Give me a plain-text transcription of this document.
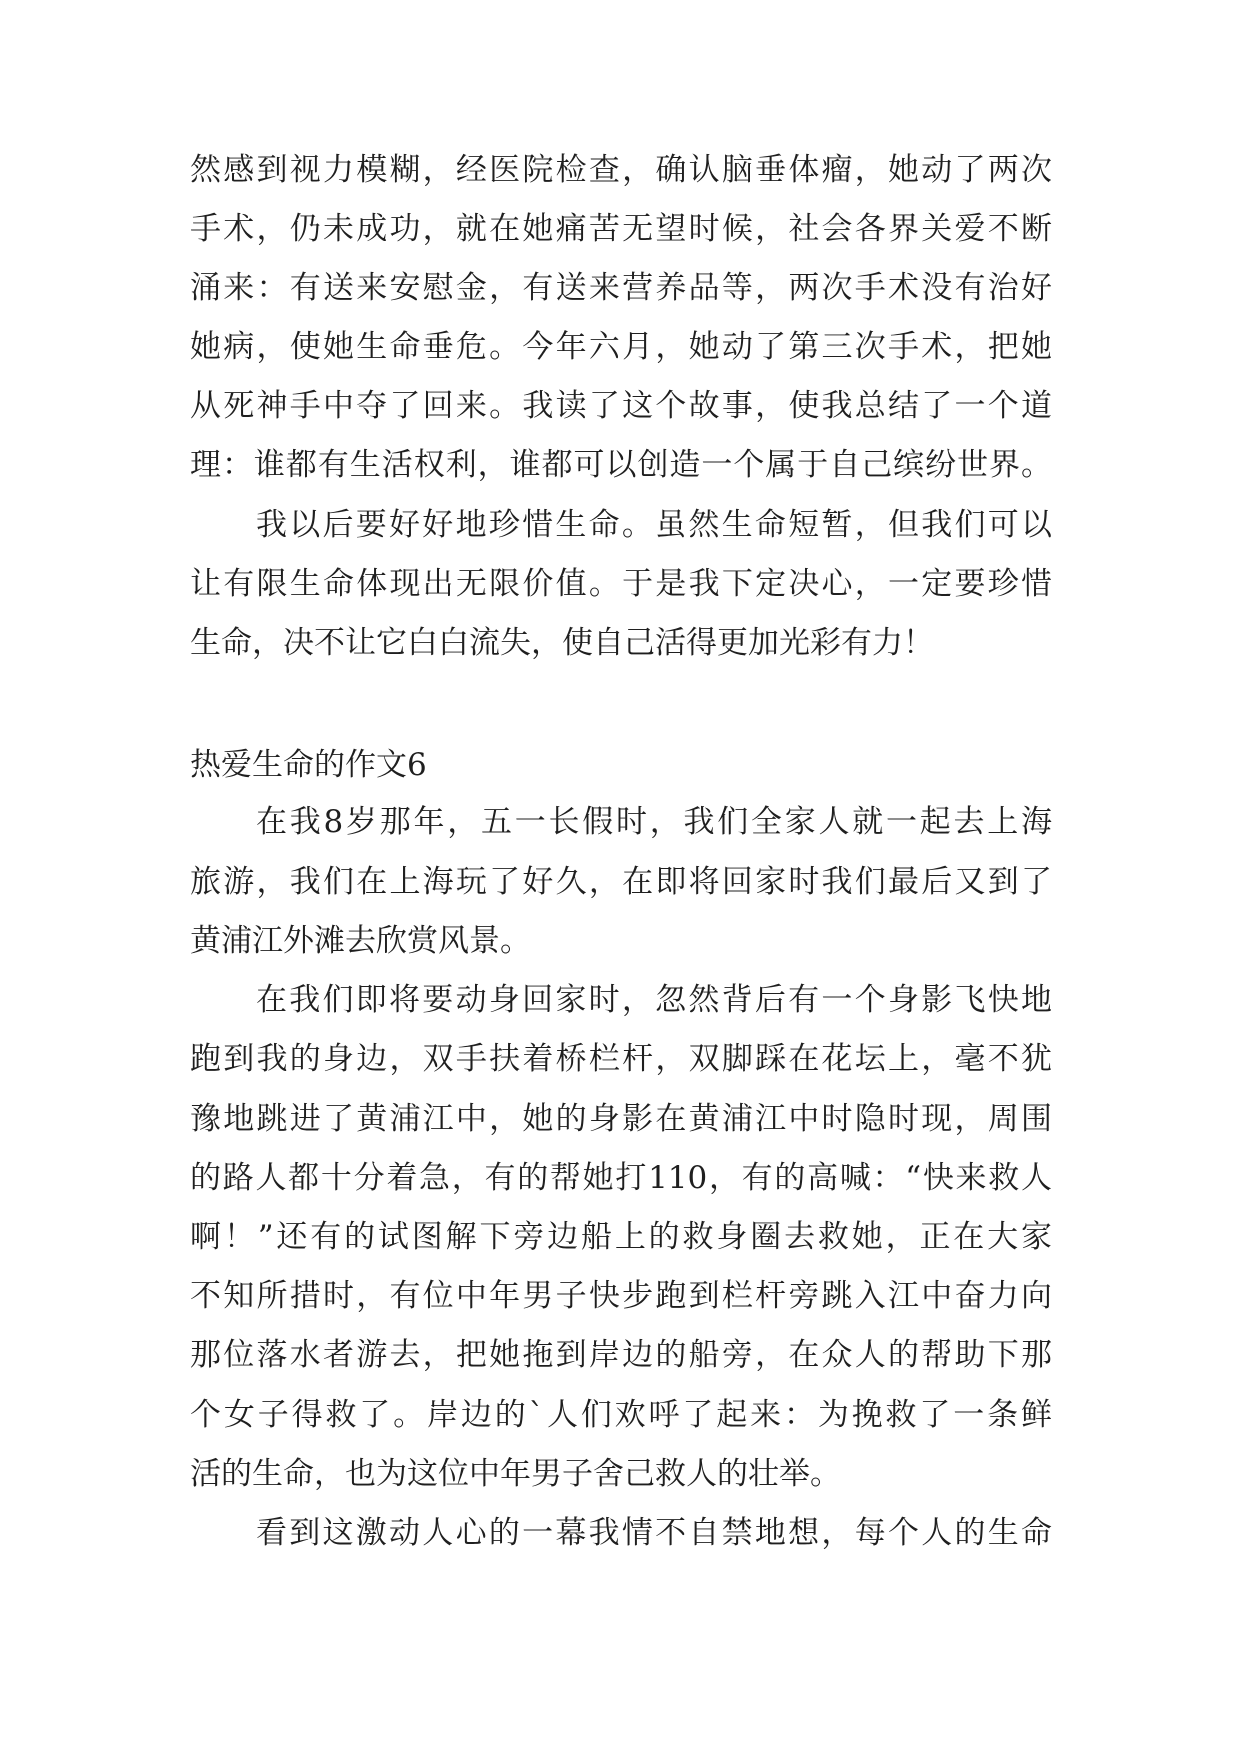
然感到视力模糊，经医院检查，确认脑垂体瘤，她动了两次
手术，仍未成功，就在她痛苦无望时候，社会各界关爱不断
涌来：有送来安慰金，有送来营养品等，两次手术没有治好
她病，使她生命垂危。今年六月，她动了第三次手术，把她
从死神手中夺了回来。我读了这个故事，使我总结了一个道
理：谁都有生活权利，谁都可以创造一个属于自己缤纷世界。
我以后要好好地珍惜生命。虽然生命短暂，但我们可以
让有限生命体现出无限价值。于是我下定决心，一定要珍惜
生命，决不让它白白流失，使自己活得更加光彩有力！
热爱生命的作文6
在我8岁那年，五一长假时，我们全家人就一起去上海
旅游，我们在上海玩了好久，在即将回家时我们最后又到了
黄浦江外滩去欣赏风景。
在我们即将要动身回家时，忽然背后有一个身影飞快地
跑到我的身边，双手扶着桥栏杆，双脚踩在花坛上，毫不犹
豫地跳进了黄浦江中，她的身影在黄浦江中时隐时现，周围
的路人都十分着急，有的帮她打110，有的高喊：“快来救人
啊！”还有的试图解下旁边船上的救身圈去救她，正在大家
不知所措时，有位中年男子快步跑到栏杆旁跳入江中奋力向
那位落水者游去，把她拖到岸边的船旁，在众人的帮助下那
个女子得救了。岸边的`人们欢呼了起来：为挽救了一条鲜
活的生命，也为这位中年男子舍己救人的壮举。
看到这激动人心的一幕我情不自禁地想，每个人的生命
